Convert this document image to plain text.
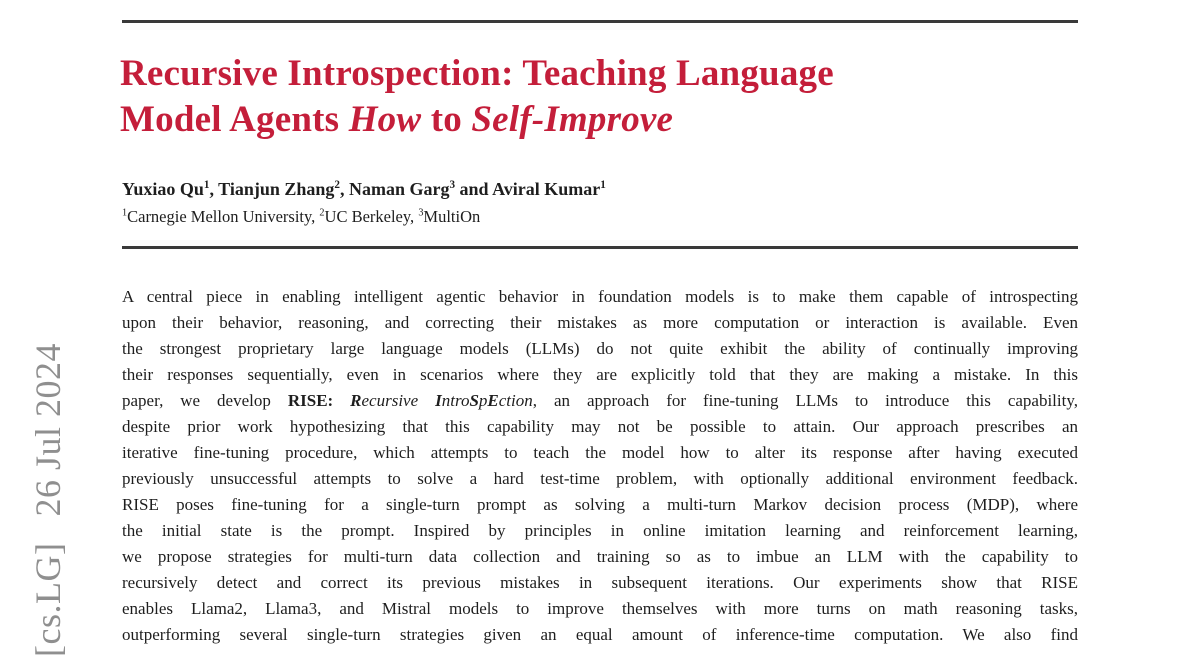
[cs.LG]26 Jul 2024
Recursive Introspection: Teaching Language
Model Agents How to Self-Improve
Yuxiao Qu$^1$, Tianjun Zhang$^2$, Naman Garg$^3$ and Aviral Kumar$^1$
$^1$Carnegie Mellon University, $^2$UC Berkeley, $^3$MultiOn
A central piece in enabling intelligent agentic behavior in foundation models is to make them capable of introspecting
upon their behavior, reasoning, and correcting their mistakes as more computation or interaction is available. Even
the strongest proprietary large language models (LLMs) do not quite exhibit the ability of continually improving
their responses sequentially, even in scenarios where they are explicitly told that they are making a mistake. In this
paper, we develop RISE: Recursive IntroSpEction, an approach for fine-tuning LLMs to introduce this capability,
despite prior work hypothesizing that this capability may not be possible to attain. Our approach prescribes an
iterative fine-tuning procedure, which attempts to teach the model how to alter its response after having executed
previously unsuccessful attempts to solve a hard test-time problem, with optionally additional environment feedback.
RISE poses fine-tuning for a single-turn prompt as solving a multi-turn Markov decision process (MDP), where
the initial state is the prompt. Inspired by principles in online imitation learning and reinforcement learning,
we propose strategies for multi-turn data collection and training so as to imbue an LLM with the capability to
recursively detect and correct its previous mistakes in subsequent iterations. Our experiments show that RISE
enables Llama2, Llama3, and Mistral models to improve themselves with more turns on math reasoning tasks,
outperforming several single-turn strategies given an equal amount of inference-time computation. We also find
